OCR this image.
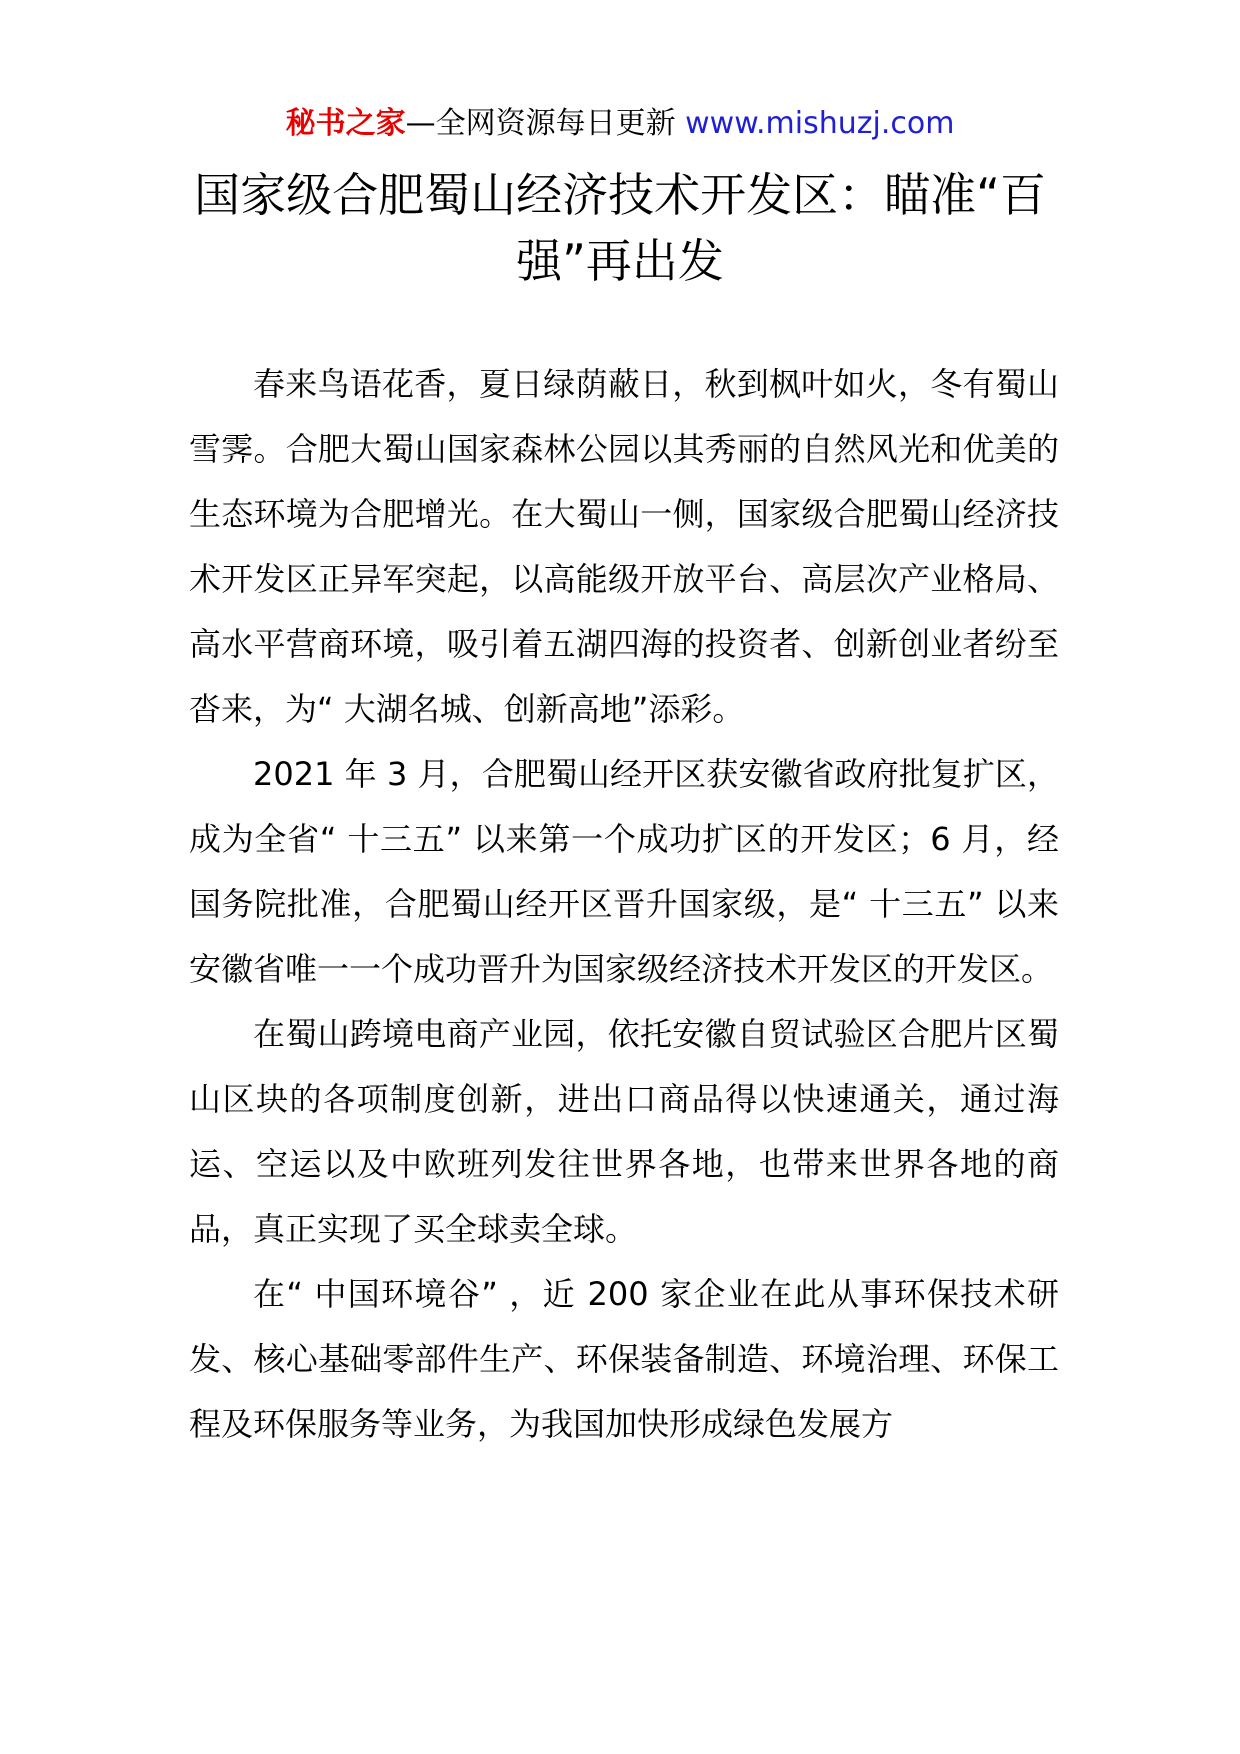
秘书之家—全网资源每日更新 www.mishuzj.com
国家级合肥蜀山经济技术开发区：瞄准“百强”再出发

春来鸟语花香，夏日绿荫蔽日，秋到枫叶如火，冬有蜀山雪霁。合肥大蜀山国家森林公园以其秀丽的自然风光和优美的生态环境为合肥增光。在大蜀山一侧，国家级合肥蜀山经济技术开发区正异军突起，以高能级开放平台、高层次产业格局、高水平营商环境，吸引着五湖四海的投资者、创新创业者纷至沓来，为“ 大湖名城、创新高地”添彩。

2021 年 3 月，合肥蜀山经开区获安徽省政府批复扩区，成为全省“ 十三五” 以来第一个成功扩区的开发区；6 月，经国务院批准，合肥蜀山经开区晋升国家级，是“ 十三五” 以来安徽省唯一一个成功晋升为国家级经济技术开发区的开发区。

在蜀山跨境电商产业园，依托安徽自贸试验区合肥片区蜀山区块的各项制度创新，进出口商品得以快速通关，通过海运、空运以及中欧班列发往世界各地，也带来世界各地的商品，真正实现了买全球卖全球。

在“ 中国环境谷” ，近 200 家企业在此从事环保技术研发、核心基础零部件生产、环保装备制造、环境治理、环保工程及环保服务等业务，为我国加快形成绿色发展方
